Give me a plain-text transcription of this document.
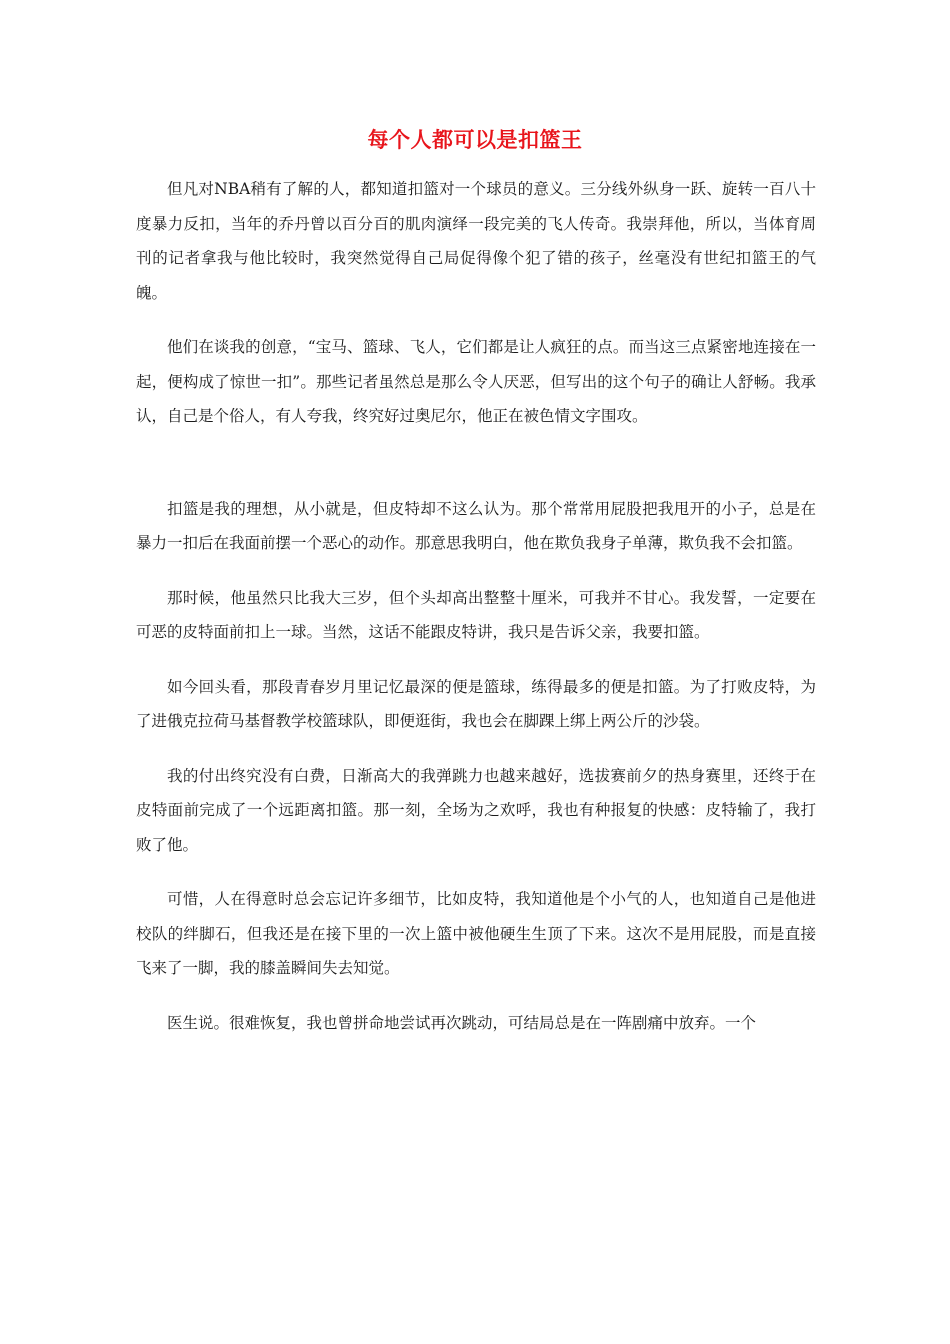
每个人都可以是扣篮王

但凡对NBA稍有了解的人，都知道扣篮对一个球员的意义。三分线外纵身一跃、旋转一百八十度暴力反扣，当年的乔丹曾以百分百的肌肉演绎一段完美的飞人传奇。我崇拜他，所以，当体育周刊的记者拿我与他比较时，我突然觉得自己局促得像个犯了错的孩子，丝毫没有世纪扣篮王的气魄。

他们在谈我的创意，“宝马、篮球、飞人，它们都是让人疯狂的点。而当这三点紧密地连接在一起，便构成了惊世一扣”。那些记者虽然总是那么令人厌恶，但写出的这个句子的确让人舒畅。我承认，自己是个俗人，有人夸我，终究好过奥尼尔，他正在被色情文字围攻。

扣篮是我的理想，从小就是，但皮特却不这么认为。那个常常用屁股把我甩开的小子，总是在暴力一扣后在我面前摆一个恶心的动作。那意思我明白，他在欺负我身子单薄，欺负我不会扣篮。

那时候，他虽然只比我大三岁，但个头却高出整整十厘米，可我并不甘心。我发誓，一定要在可恶的皮特面前扣上一球。当然，这话不能跟皮特讲，我只是告诉父亲，我要扣篮。

如今回头看，那段青春岁月里记忆最深的便是篮球，练得最多的便是扣篮。为了打败皮特，为了进俄克拉荷马基督教学校篮球队，即便逛街，我也会在脚踝上绑上两公斤的沙袋。

我的付出终究没有白费，日渐高大的我弹跳力也越来越好，选拔赛前夕的热身赛里，还终于在皮特面前完成了一个远距离扣篮。那一刻，全场为之欢呼，我也有种报复的快感：皮特输了，我打败了他。

可惜，人在得意时总会忘记许多细节，比如皮特，我知道他是个小气的人，也知道自己是他进校队的绊脚石，但我还是在接下里的一次上篮中被他硬生生顶了下来。这次不是用屁股，而是直接飞来了一脚，我的膝盖瞬间失去知觉。

医生说。很难恢复，我也曾拼命地尝试再次跳动，可结局总是在一阵剧痛中放弃。一个
